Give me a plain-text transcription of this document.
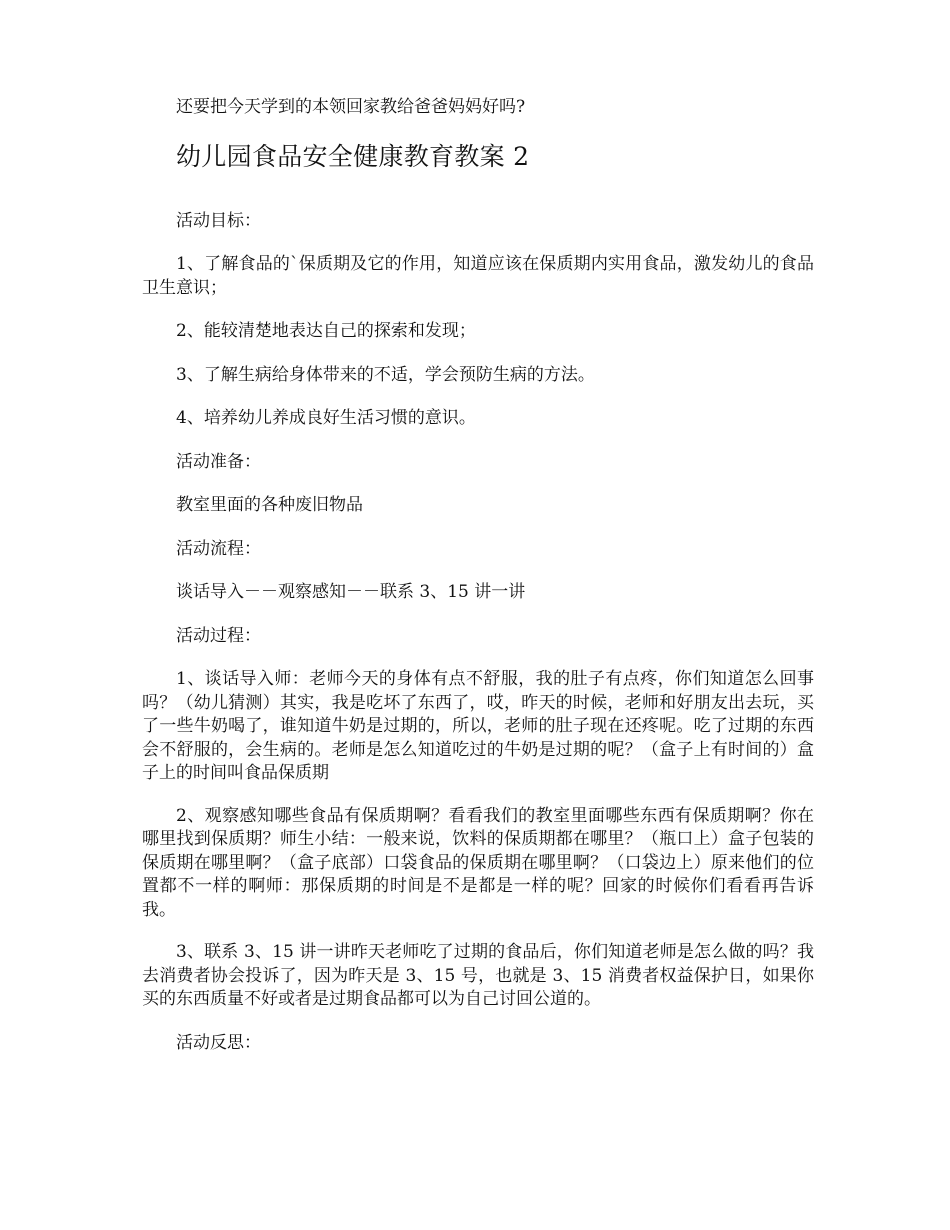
还要把今天学到的本领回家教给爸爸妈妈好吗?

幼儿园食品安全健康教育教案 2

活动目标：

1、了解食品的`保质期及它的作用，知道应该在保质期内实用食品，激发幼儿的食品卫生意识；

2、能较清楚地表达自己的探索和发现；

3、了解生病给身体带来的不适，学会预防生病的方法。

4、培养幼儿养成良好生活习惯的意识。

活动准备：

教室里面的各种废旧物品

活动流程：

谈话导入－－观察感知－－联系 3、15 讲一讲

活动过程：

1、谈话导入师：老师今天的身体有点不舒服，我的肚子有点疼，你们知道怎么回事吗？（幼儿猜测）其实，我是吃坏了东西了，哎，昨天的时候，老师和好朋友出去玩，买了一些牛奶喝了，谁知道牛奶是过期的，所以，老师的肚子现在还疼呢。吃了过期的东西会不舒服的，会生病的。老师是怎么知道吃过的牛奶是过期的呢？（盒子上有时间的）盒子上的时间叫食品保质期

2、观察感知哪些食品有保质期啊？看看我们的教室里面哪些东西有保质期啊？你在哪里找到保质期？师生小结：一般来说，饮料的保质期都在哪里？（瓶口上）盒子包装的保质期在哪里啊？（盒子底部）口袋食品的保质期在哪里啊？（口袋边上）原来他们的位置都不一样的啊师：那保质期的时间是不是都是一样的呢？回家的时候你们看看再告诉我。

3、联系 3、15 讲一讲昨天老师吃了过期的食品后，你们知道老师是怎么做的吗？我去消费者协会投诉了，因为昨天是 3、15 号，也就是 3、15 消费者权益保护日，如果你买的东西质量不好或者是过期食品都可以为自己讨回公道的。

活动反思：
